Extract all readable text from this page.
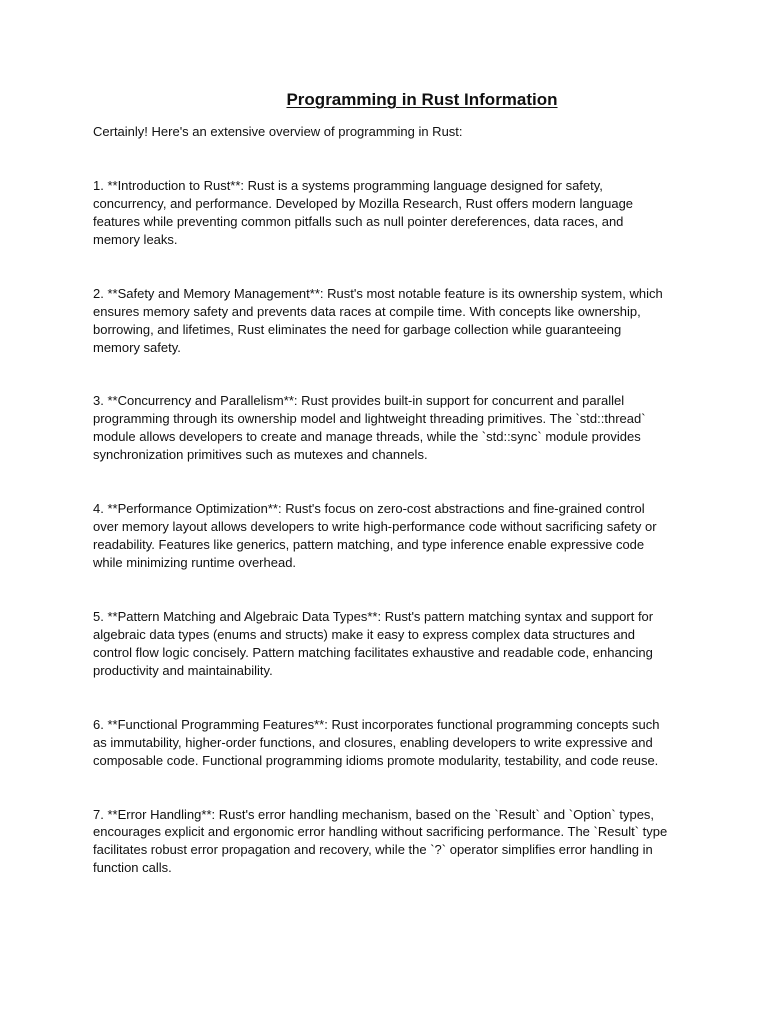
Programming in Rust Information
Certainly! Here's an extensive overview of programming in Rust:
1. **Introduction to Rust**: Rust is a systems programming language designed for safety,
concurrency, and performance. Developed by Mozilla Research, Rust offers modern language
features while preventing common pitfalls such as null pointer dereferences, data races, and
memory leaks.
2. **Safety and Memory Management**: Rust's most notable feature is its ownership system, which
ensures memory safety and prevents data races at compile time. With concepts like ownership,
borrowing, and lifetimes, Rust eliminates the need for garbage collection while guaranteeing
memory safety.
3. **Concurrency and Parallelism**: Rust provides built-in support for concurrent and parallel
programming through its ownership model and lightweight threading primitives. The `std::thread`
module allows developers to create and manage threads, while the `std::sync` module provides
synchronization primitives such as mutexes and channels.
4. **Performance Optimization**: Rust's focus on zero-cost abstractions and fine-grained control
over memory layout allows developers to write high-performance code without sacrificing safety or
readability. Features like generics, pattern matching, and type inference enable expressive code
while minimizing runtime overhead.
5. **Pattern Matching and Algebraic Data Types**: Rust's pattern matching syntax and support for
algebraic data types (enums and structs) make it easy to express complex data structures and
control flow logic concisely. Pattern matching facilitates exhaustive and readable code, enhancing
productivity and maintainability.
6. **Functional Programming Features**: Rust incorporates functional programming concepts such
as immutability, higher-order functions, and closures, enabling developers to write expressive and
composable code. Functional programming idioms promote modularity, testability, and code reuse.
7. **Error Handling**: Rust's error handling mechanism, based on the `Result` and `Option` types,
encourages explicit and ergonomic error handling without sacrificing performance. The `Result` type
facilitates robust error propagation and recovery, while the `?` operator simplifies error handling in
function calls.
